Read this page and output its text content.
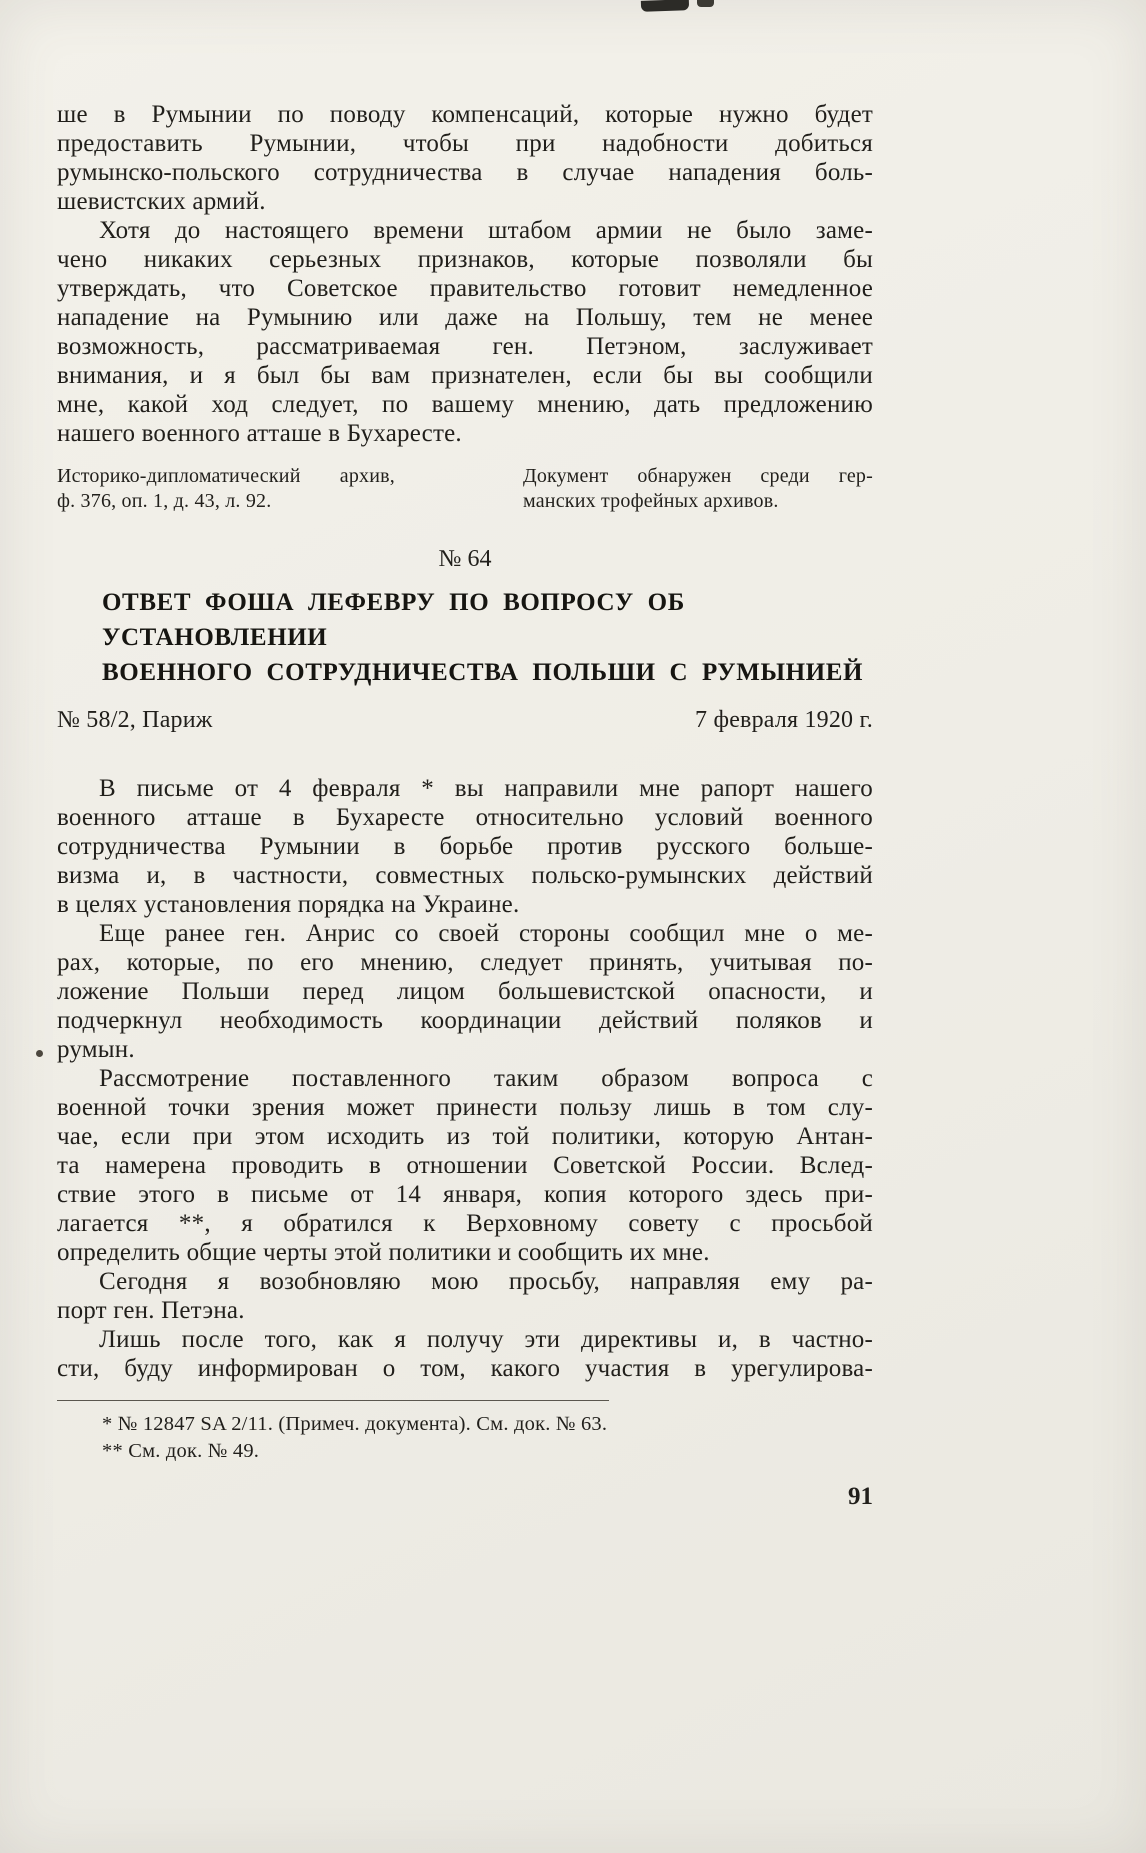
ше в Румынии по поводу компенсаций, которые нужно будет
предоставить Румынии, чтобы при надобности добиться
румынско-польского сотрудничества в случае нападения боль-
шевистских армий.
Хотя до настоящего времени штабом армии не было заме-
чено никаких серьезных признаков, которые позволяли бы
утверждать, что Советское правительство готовит немедленное
нападение на Румынию или даже на Польшу, тем не менее
возможность, рассматриваемая ген. Петэном, заслуживает
внимания, и я был бы вам признателен, если бы вы сообщили
мне, какой ход следует, по вашему мнению, дать предложению
нашего военного атташе в Бухаресте.
Историко-дипломатический архив,
ф. 376, оп. 1, д. 43, л. 92.
Документ обнаружен среди гер-
манских трофейных архивов.
№ 64
ОТВЕТ ФОША ЛЕФЕВРУ ПО ВОПРОСУ ОБ УСТАНОВЛЕНИИ
ВОЕННОГО СОТРУДНИЧЕСТВА ПОЛЬШИ С РУМЫНИЕЙ
№ 58/2, Париж	7 февраля 1920 г.
В письме от 4 февраля * вы направили мне рапорт нашего
военного атташе в Бухаресте относительно условий военного
сотрудничества Румынии в борьбе против русского больше-
визма и, в частности, совместных польско-румынских действий
в целях установления порядка на Украине.
Еще ранее ген. Анрис со своей стороны сообщил мне о ме-
рах, которые, по его мнению, следует принять, учитывая по-
ложение Польши перед лицом большевистской опасности, и
подчеркнул необходимость координации действий поляков и
румын.
Рассмотрение поставленного таким образом вопроса с
военной точки зрения может принести пользу лишь в том слу-
чае, если при этом исходить из той политики, которую Антан-
та намерена проводить в отношении Советской России. Вслед-
ствие этого в письме от 14 января, копия которого здесь при-
лагается **, я обратился к Верховному совету с просьбой
определить общие черты этой политики и сообщить их мне.
Сегодня я возобновляю мою просьбу, направляя ему ра-
порт ген. Петэна.
Лишь после того, как я получу эти директивы и, в частно-
сти, буду информирован о том, какого участия в урегулирова-
* № 12847 SA 2/11. (Примеч. документа). См. док. № 63.
** См. док. № 49.
91
